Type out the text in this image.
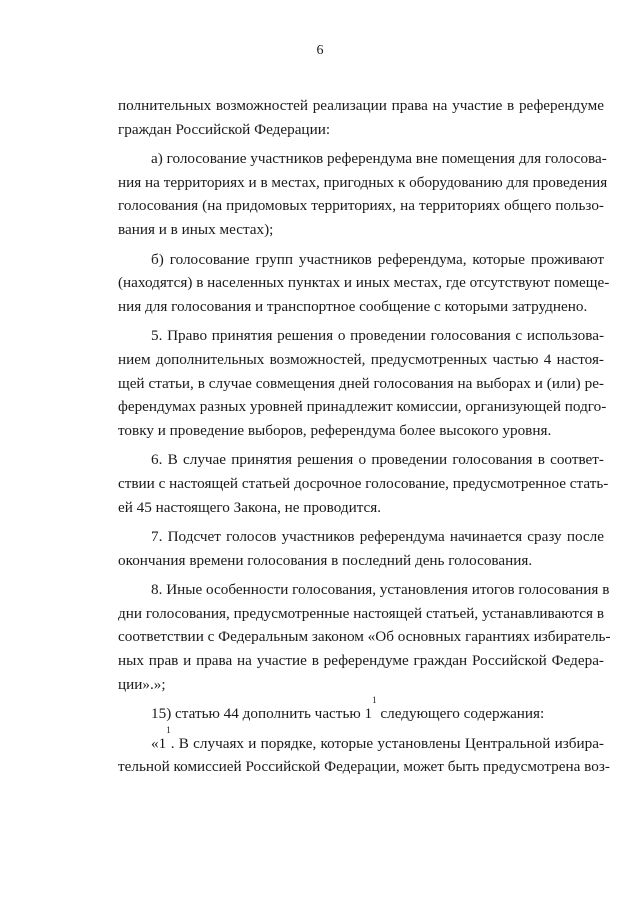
6
полнительных возможностей реализации права на участие в референдуме
граждан Российской Федерации:
а) голосование участников референдума вне помещения для голосова-
ния на территориях и в местах, пригодных к оборудованию для проведения
голосования (на придомовых территориях, на территориях общего пользо-
вания и в иных местах);
б) голосование групп участников референдума, которые проживают
(находятся) в населенных пунктах и иных местах, где отсутствуют помеще-
ния для голосования и транспортное сообщение с которыми затруднено.
5. Право принятия решения о проведении голосования с использова-
нием дополнительных возможностей, предусмотренных частью 4 настоя-
щей статьи, в случае совмещения дней голосования на выборах и (или) ре-
ферендумах разных уровней принадлежит комиссии, организующей подго-
товку и проведение выборов, референдума более высокого уровня.
6. В случае принятия решения о проведении голосования в соответ-
ствии с настоящей статьей досрочное голосование, предусмотренное стать-
ей 45 настоящего Закона, не проводится.
7. Подсчет голосов участников референдума начинается сразу после
окончания времени голосования в последний день голосования.
8. Иные особенности голосования, установления итогов голосования в
дни голосования, предусмотренные настоящей статьей, устанавливаются в
соответствии с Федеральным законом «Об основных гарантиях избиратель-
ных прав и права на участие в референдуме граждан Российской Федера-
ции».»;
15) статью 44 дополнить частью $1^1$ следующего содержания:
«$1^1$. В случаях и порядке, которые установлены Центральной избира-
тельной комиссией Российской Федерации, может быть предусмотрена воз-
